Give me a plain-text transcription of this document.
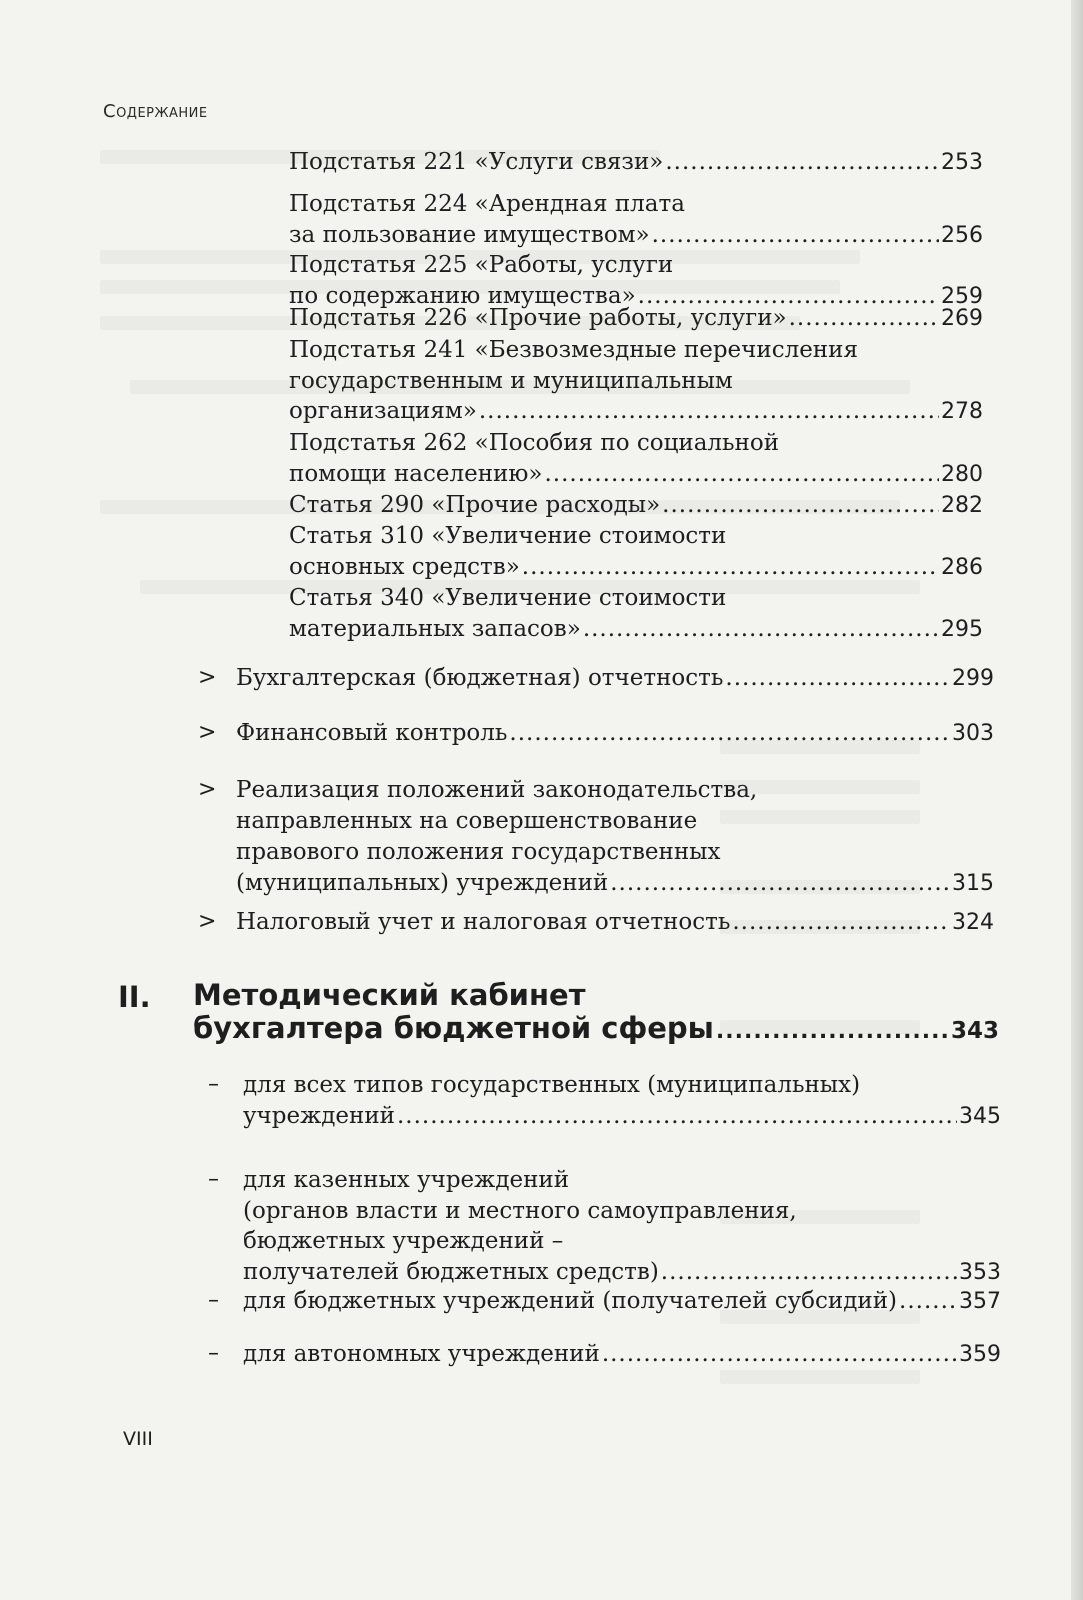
Содержание
Подстатья 221 «Услуги связи» .....	253
Подстатья 224 «Арендная плата
за пользование имуществом» .....	256
Подстатья 225 «Работы, услуги
по содержанию имущества» .....	259
Подстатья 226 «Прочие работы, услуги» .....	269
Подстатья 241 «Безвозмездные перечисления
государственным и муниципальным
организациям» .....	278
Подстатья 262 «Пособия по социальной
помощи населению» .....	280
Статья 290 «Прочие расходы» .....	282
Статья 310 «Увеличение стоимости
основных средств» .....	286
Статья 340 «Увеличение стоимости
материальных запасов» .....	295
> Бухгалтерская (бюджетная) отчетность .....	299
> Финансовый контроль .....	303
> Реализация положений законодательства,
направленных на совершенствование
правового положения государственных
(муниципальных) учреждений .....	315
> Налоговый учет и налоговая отчетность .....	324
II. Методический кабинет
бухгалтера бюджетной сферы .....	343
– для всех типов государственных (муниципальных)
учреждений .....	345
– для казенных учреждений
(органов власти и местного самоуправления,
бюджетных учреждений –
получателей бюджетных средств) .....	353
– для бюджетных учреждений (получателей субсидий) .....	357
– для автономных учреждений .....	359
VIII
